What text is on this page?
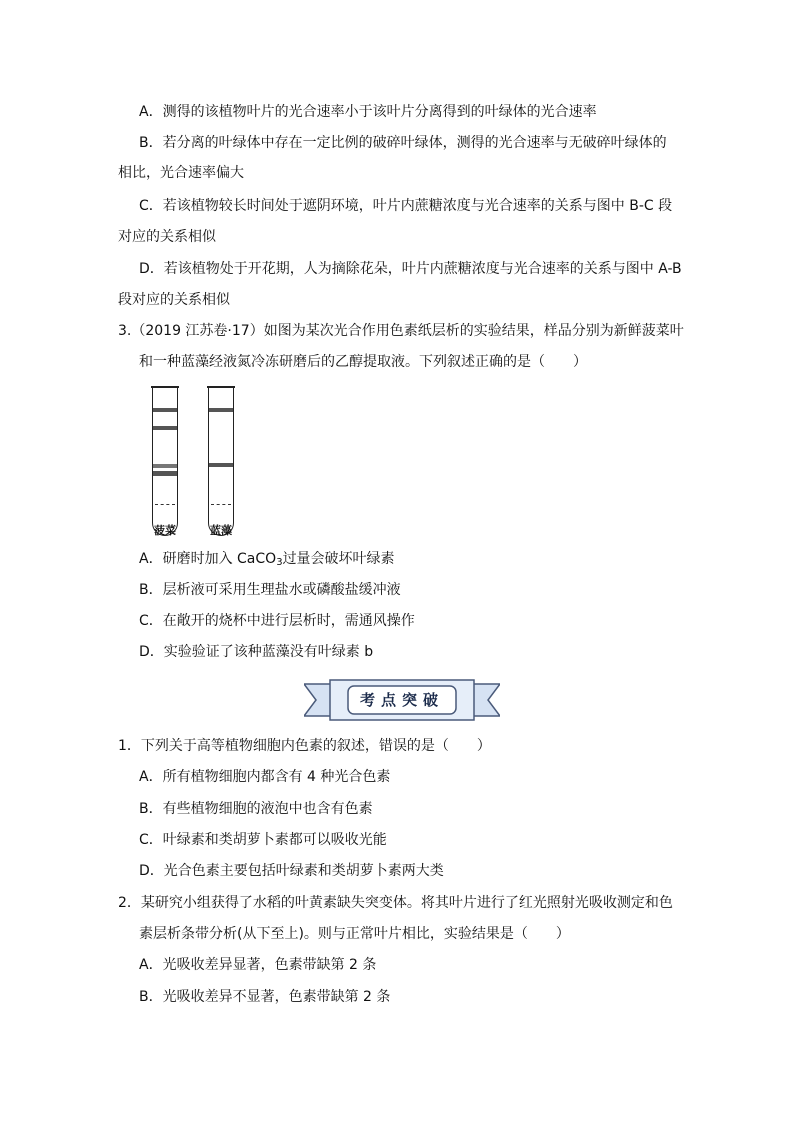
A．测得的该植物叶片的光合速率小于该叶片分离得到的叶绿体的光合速率
B．若分离的叶绿体中存在一定比例的破碎叶绿体，测得的光合速率与无破碎叶绿体的
相比，光合速率偏大
C．若该植物较长时间处于遮阴环境，叶片内蔗糖浓度与光合速率的关系与图中 B-C 段
对应的关系相似
D．若该植物处于开花期，人为摘除花朵，叶片内蔗糖浓度与光合速率的关系与图中 A-B
段对应的关系相似
3.（2019 江苏卷·17）如图为某次光合作用色素纸层析的实验结果，样品分别为新鲜菠菜叶
和一种蓝藻经液氮冷冻研磨后的乙醇提取液。下列叙述正确的是（　　）
菠菜	蓝藻
A．研磨时加入 CaCO$_3$过量会破坏叶绿素
B．层析液可采用生理盐水或磷酸盐缓冲液
C．在敞开的烧杯中进行层析时，需通风操作
D．实验验证了该种蓝藻没有叶绿素 b
考点突破
1．下列关于高等植物细胞内色素的叙述，错误的是（　　）
A．所有植物细胞内都含有 4 种光合色素
B．有些植物细胞的液泡中也含有色素
C．叶绿素和类胡萝卜素都可以吸收光能
D．光合色素主要包括叶绿素和类胡萝卜素两大类
2．某研究小组获得了水稻的叶黄素缺失突变体。将其叶片进行了红光照射光吸收测定和色
素层析条带分析(从下至上)。则与正常叶片相比，实验结果是（　　）
A．光吸收差异显著，色素带缺第 2 条
B．光吸收差异不显著，色素带缺第 2 条
